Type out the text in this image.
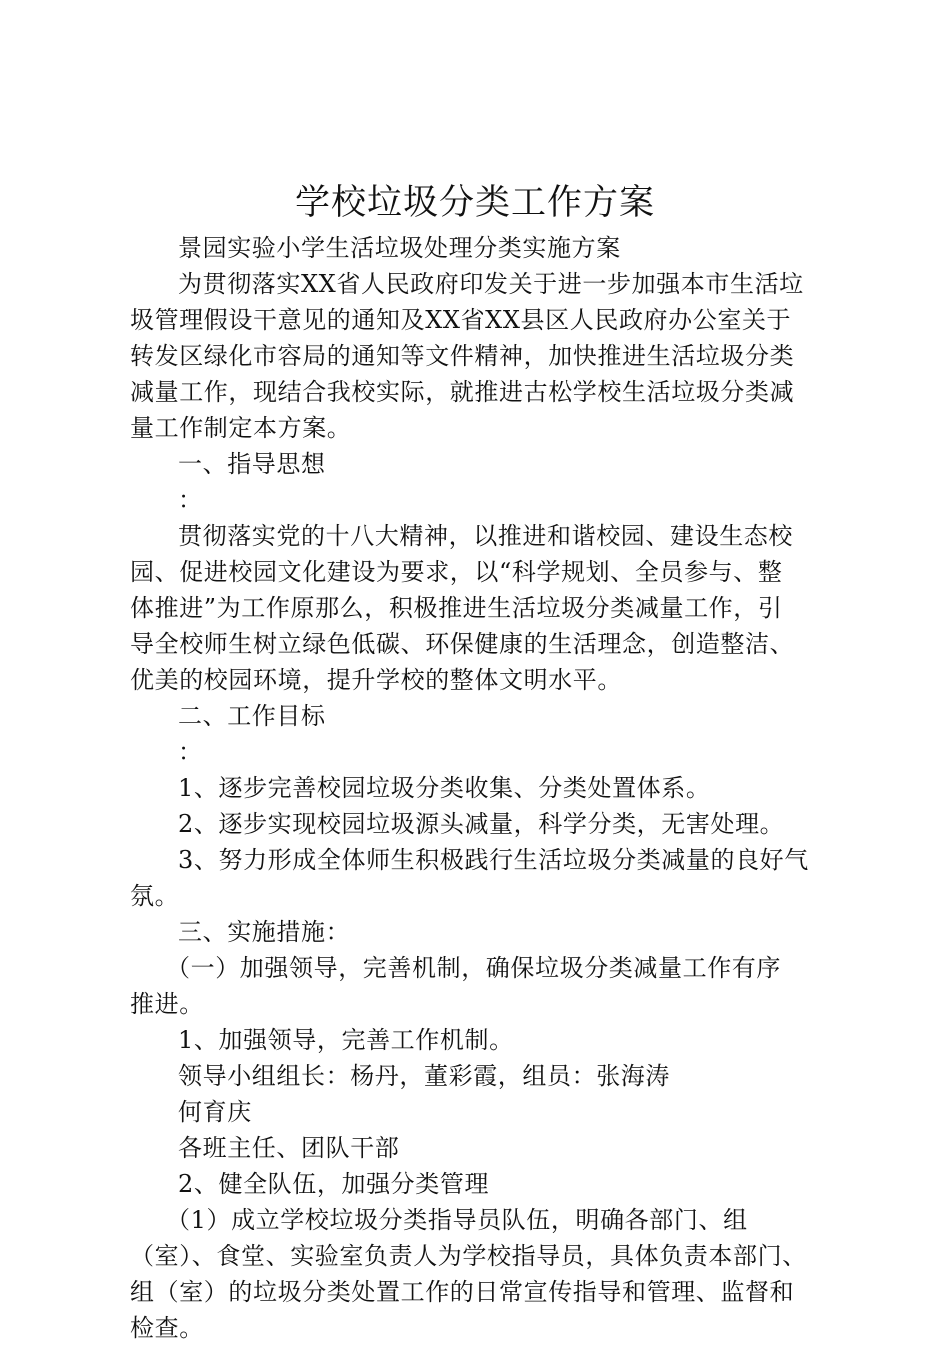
学校垃圾分类工作方案
景园实验小学生活垃圾处理分类实施方案
为贯彻落实XX省人民政府印发关于进一步加强本市生活垃
圾管理假设干意见的通知及XX省XX县区人民政府办公室关于
转发区绿化市容局的通知等文件精神，加快推进生活垃圾分类
减量工作，现结合我校实际，就推进古松学校生活垃圾分类减
量工作制定本方案。
一、指导思想
：
贯彻落实党的十八大精神，以推进和谐校园、建设生态校
园、促进校园文化建设为要求，以“科学规划、全员参与、整
体推进”为工作原那么，积极推进生活垃圾分类减量工作，引
导全校师生树立绿色低碳、环保健康的生活理念，创造整洁、
优美的校园环境，提升学校的整体文明水平。
二、工作目标
：
1、逐步完善校园垃圾分类收集、分类处置体系。
2、逐步实现校园垃圾源头减量，科学分类，无害处理。
3、努力形成全体师生积极践行生活垃圾分类减量的良好气
氛。
三、实施措施：
（一）加强领导，完善机制，确保垃圾分类减量工作有序
推进。
1、加强领导，完善工作机制。
领导小组组长：杨丹，董彩霞，组员：张海涛
何育庆
各班主任、团队干部
2、健全队伍，加强分类管理
（1）成立学校垃圾分类指导员队伍，明确各部门、组
（室）、食堂、实验室负责人为学校指导员，具体负责本部门、
组（室）的垃圾分类处置工作的日常宣传指导和管理、监督和
检查。
